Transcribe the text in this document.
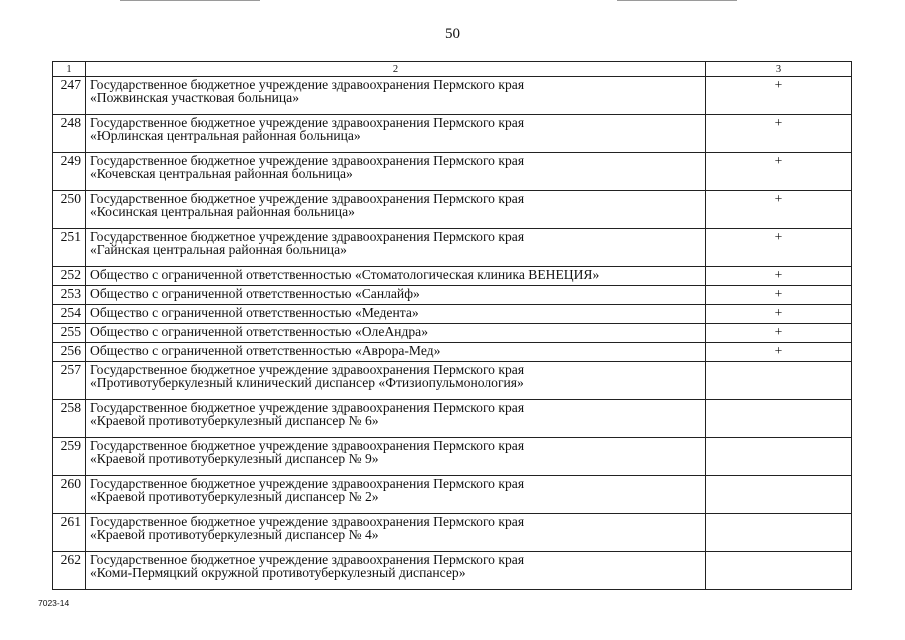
50
1	2	3
247	Государственное бюджетное учреждение здравоохранения Пермского края
«Пожвинская участковая больница»	+
248	Государственное бюджетное учреждение здравоохранения Пермского края
«Юрлинская центральная районная больница»	+
249	Государственное бюджетное учреждение здравоохранения Пермского края
«Кочевская центральная районная больница»	+
250	Государственное бюджетное учреждение здравоохранения Пермского края
«Косинская центральная районная больница»	+
251	Государственное бюджетное учреждение здравоохранения Пермского края
«Гайнская центральная районная больница»	+
252	Общество с ограниченной ответственностью «Стоматологическая клиника ВЕНЕЦИЯ»	+
253	Общество с ограниченной ответственностью «Санлайф»	+
254	Общество с ограниченной ответственностью «Медента»	+
255	Общество с ограниченной ответственностью «ОлеАндра»	+
256	Общество с ограниченной ответственностью «Аврора-Мед»	+
257	Государственное бюджетное учреждение здравоохранения Пермского края
«Противотуберкулезный клинический диспансер «Фтизиопульмонология»	

258	Государственное бюджетное учреждение здравоохранения Пермского края
«Краевой противотуберкулезный диспансер № 6»	

259	Государственное бюджетное учреждение здравоохранения Пермского края
«Краевой противотуберкулезный диспансер № 9»	

260	Государственное бюджетное учреждение здравоохранения Пермского края
«Краевой противотуберкулезный диспансер № 2»	

261	Государственное бюджетное учреждение здравоохранения Пермского края
«Краевой противотуберкулезный диспансер № 4»	

262	Государственное бюджетное учреждение здравоохранения Пермского края
«Коми-Пермяцкий окружной противотуберкулезный диспансер»	

7023-14
